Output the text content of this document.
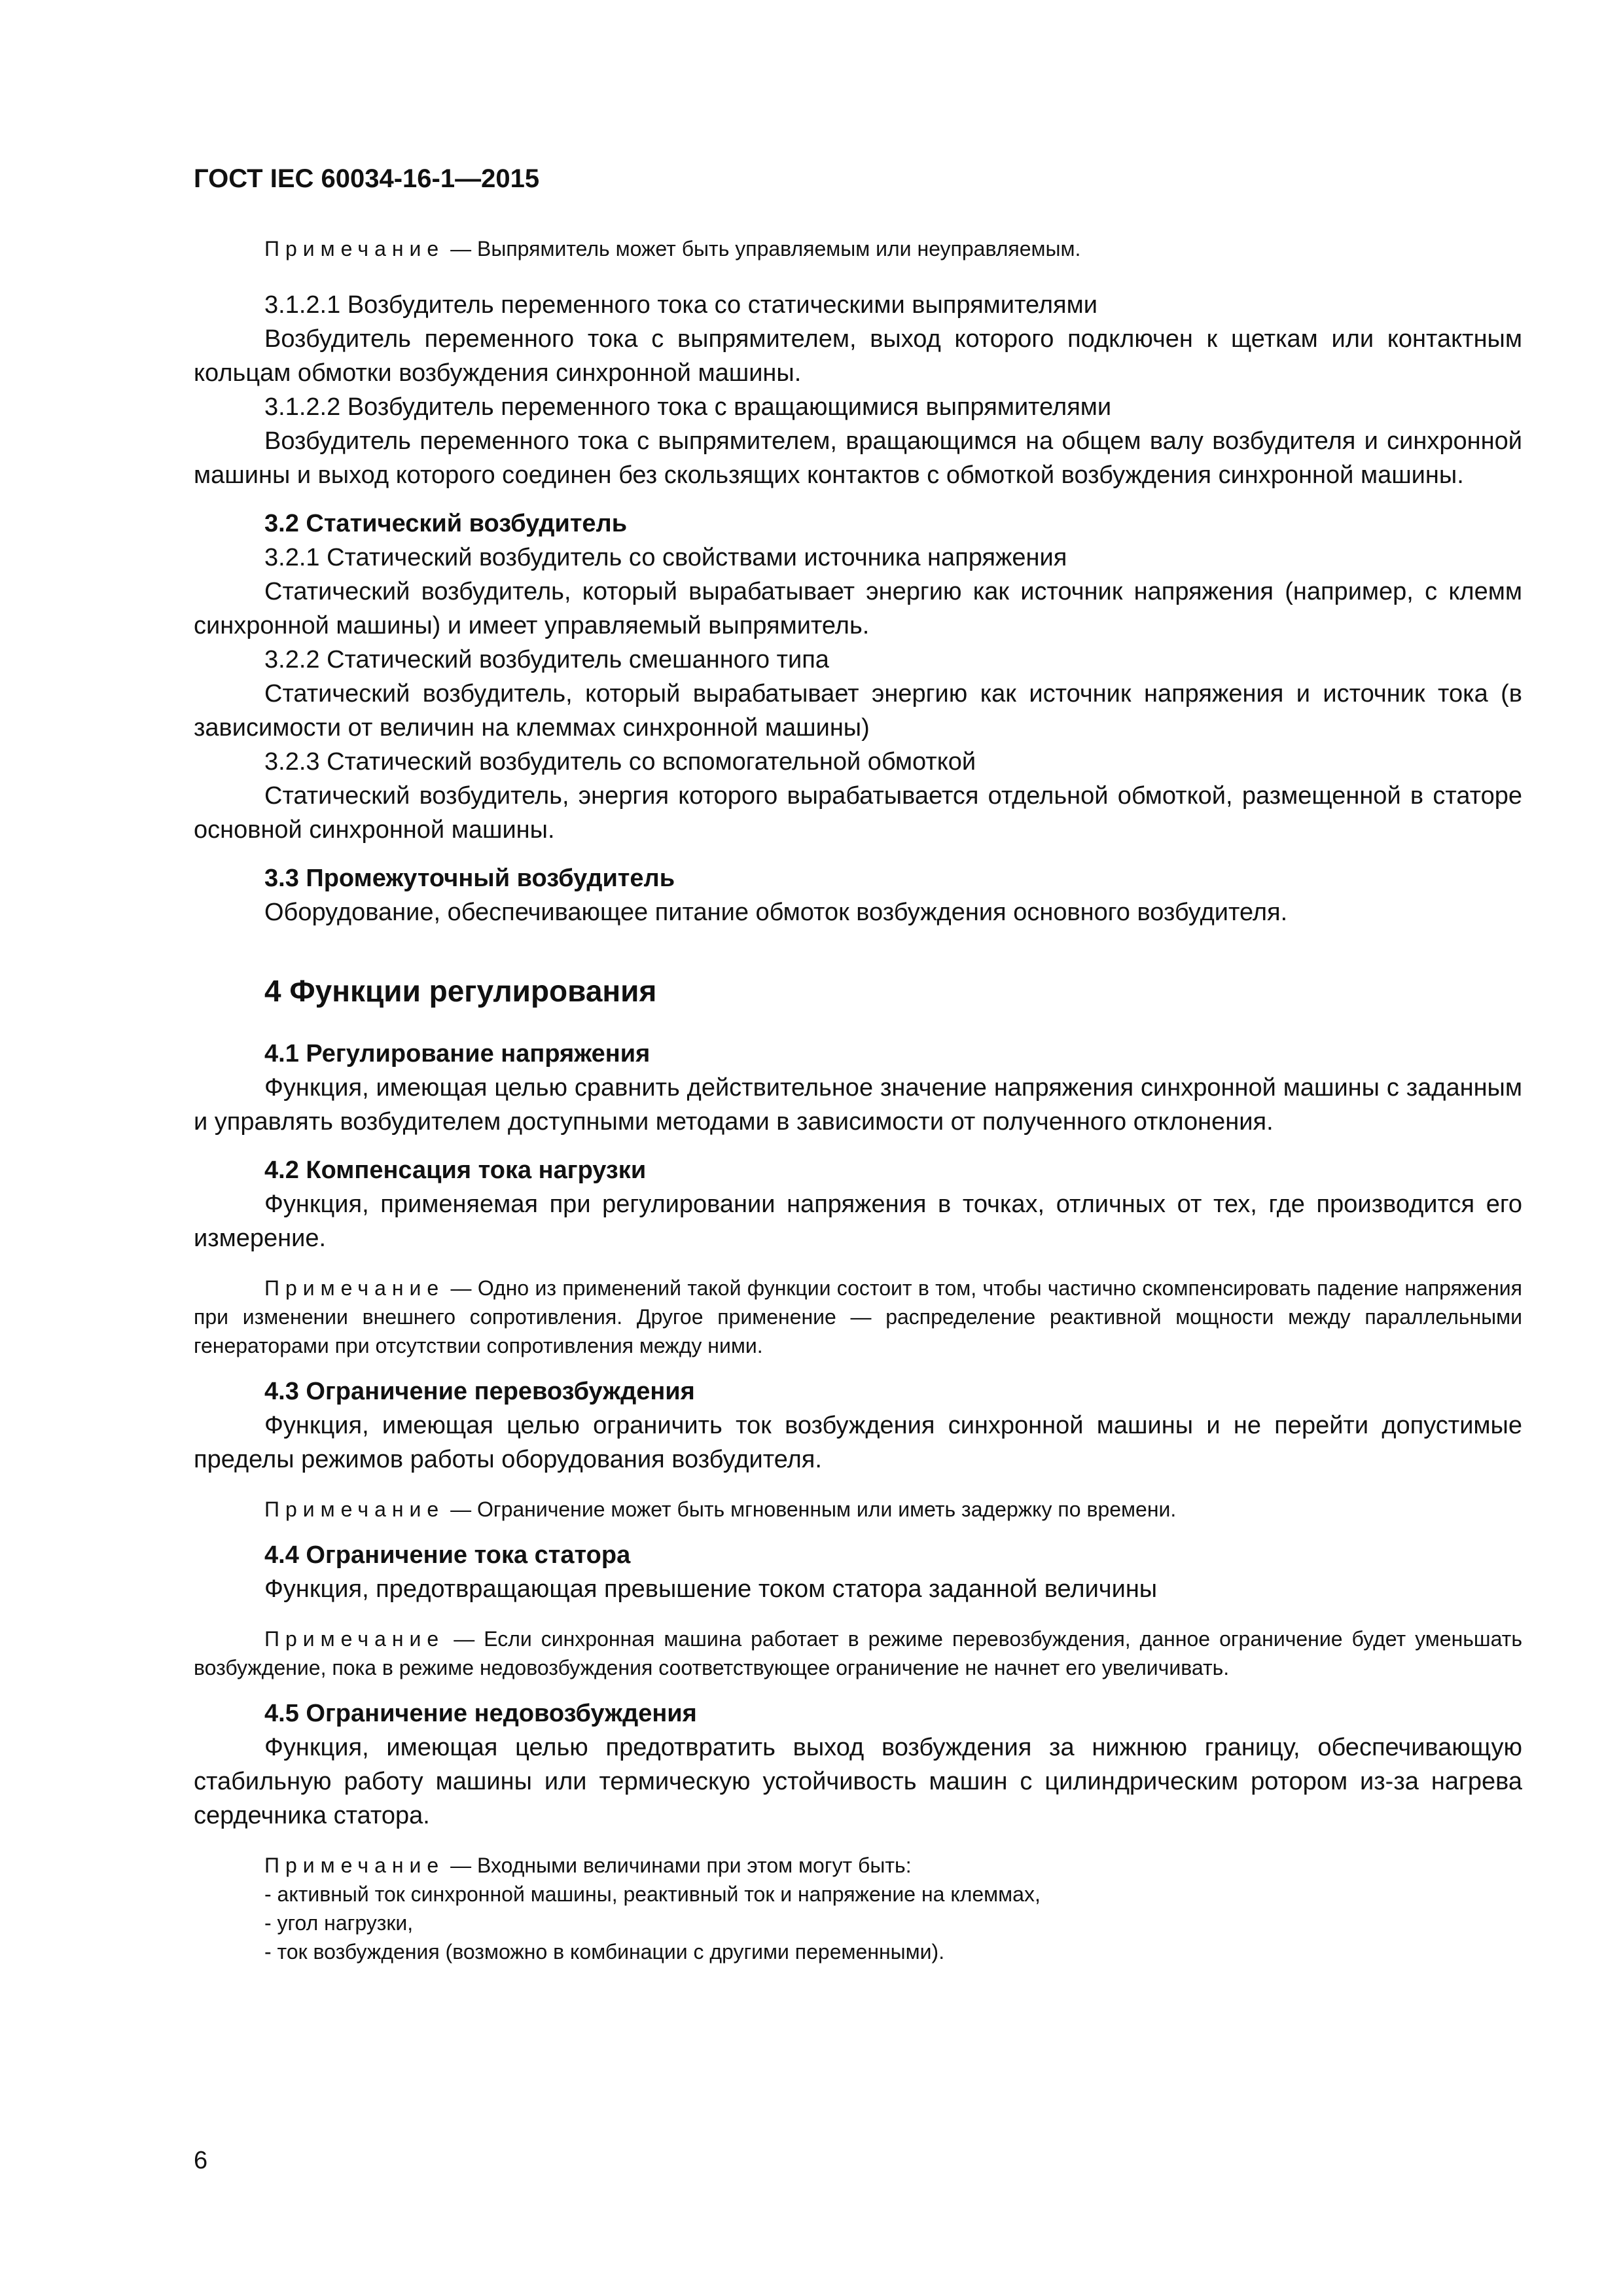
ГОСТ IEC 60034-16-1—2015

Примечание — Выпрямитель может быть управляемым или неуправляемым.

3.1.2.1 Возбудитель переменного тока со статическими выпрямителями

Возбудитель переменного тока с выпрямителем, выход которого подключен к щеткам или контактным кольцам обмотки возбуждения синхронной машины.

3.1.2.2 Возбудитель переменного тока с вращающимися выпрямителями

Возбудитель переменного тока с выпрямителем, вращающимся на общем валу возбудителя и синхронной машины и выход которого соединен без скользящих контактов с обмоткой возбуждения синхронной машины.

3.2 Статический возбудитель

3.2.1 Статический возбудитель со свойствами источника напряжения

Статический возбудитель, который вырабатывает энергию как источник напряжения (например, с клемм синхронной машины) и имеет управляемый выпрямитель.

3.2.2 Статический возбудитель смешанного типа

Статический возбудитель, который вырабатывает энергию как источник напряжения и источник тока (в зависимости от величин на клеммах синхронной машины)

3.2.3 Статический возбудитель со вспомогательной обмоткой

Статический возбудитель, энергия которого вырабатывается отдельной обмоткой, размещенной в статоре основной синхронной машины.

3.3 Промежуточный возбудитель

Оборудование, обеспечивающее питание обмоток возбуждения основного возбудителя.

4 Функции регулирования

4.1 Регулирование напряжения

Функция, имеющая целью сравнить действительное значение напряжения синхронной машины с заданным и управлять возбудителем доступными методами в зависимости от полученного отклонения.

4.2 Компенсация тока нагрузки

Функция, применяемая при регулировании напряжения в точках, отличных от тех, где производится его измерение.

Примечание — Одно из применений такой функции состоит в том, чтобы частично скомпенсировать падение напряжения при изменении внешнего сопротивления. Другое применение — распределение реактивной мощности между параллельными генераторами при отсутствии сопротивления между ними.

4.3 Ограничение перевозбуждения

Функция, имеющая целью ограничить ток возбуждения синхронной машины и не перейти допустимые пределы режимов работы оборудования возбудителя.

Примечание — Ограничение может быть мгновенным или иметь задержку по времени.

4.4 Ограничение тока статора

Функция, предотвращающая превышение током статора заданной величины

Примечание — Если синхронная машина работает в режиме перевозбуждения, данное ограничение будет уменьшать возбуждение, пока в режиме недовозбуждения соответствующее ограничение не начнет его увеличивать.

4.5 Ограничение недовозбуждения

Функция, имеющая целью предотвратить выход возбуждения за нижнюю границу, обеспечивающую стабильную работу машины или термическую устойчивость машин с цилиндрическим ротором из-за нагрева сердечника статора.

Примечание — Входными величинами при этом могут быть:

- активный ток синхронной машины, реактивный ток и напряжение на клеммах,

- угол нагрузки,

- ток возбуждения (возможно в комбинации с другими переменными).

6
